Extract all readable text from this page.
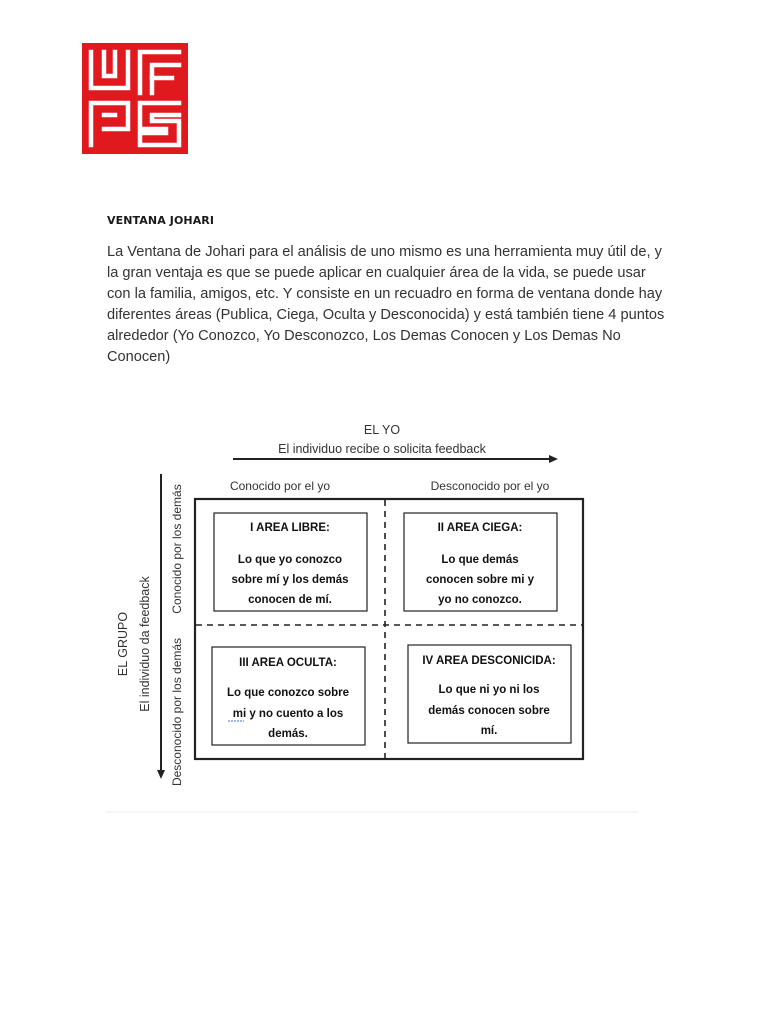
VENTANA JOHARI
La Ventana de Johari para el análisis de uno mismo es una herramienta muy útil de, y la gran ventaja es que se puede aplicar en cualquier área de la vida, se puede usar con la familia, amigos, etc. Y consiste en un recuadro en forma de ventana donde hay diferentes áreas (Publica, Ciega, Oculta y Desconocida) y está también tiene 4 puntos alrededor (Yo Conozco, Yo Desconozco, Los Demas Conocen y Los Demas No Conocen)
EL YO
El individuo recibe o solicita feedback
Conocido por el yo	Desconocido por el yo
EL GRUPO El individuo da feedback
Conocido por los demás
Desconocido por los demás
I AREA LIBRE:
Lo que yo conozco
sobre mí y los demás
conocen de mí.
II AREA CIEGA:
Lo que demás
conocen sobre mi y
yo no conozco.
III AREA OCULTA:
Lo que conozco sobre
mi y no cuento a los
demás.
IV AREA DESCONICIDA:
Lo que ni yo ni los
demás conocen sobre
mí.
